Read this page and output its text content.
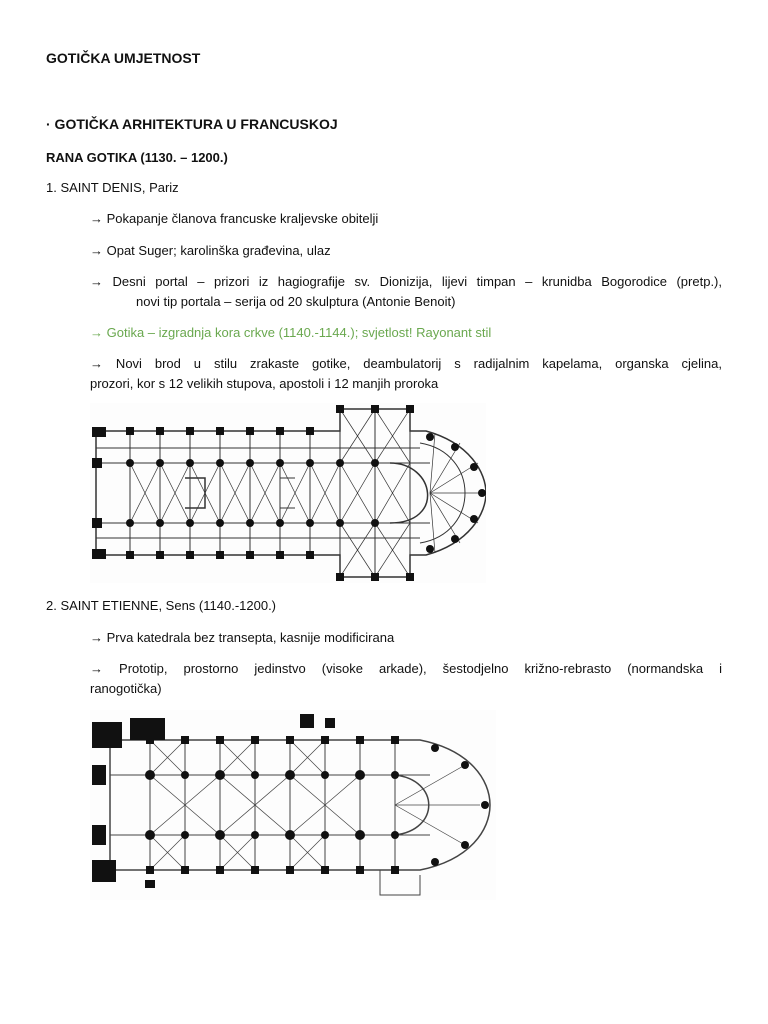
GOTIČKA UMJETNOST
· GOTIČKA ARHITEKTURA U FRANCUSKOJ
RANA GOTIKA (1130. – 1200.)
1. SAINT DENIS, Pariz
→ Pokapanje članova francuske kraljevske obitelji
→ Opat Suger; karolinška građevina, ulaz
→ Desni portal – prizori iz hagiografije sv. Dionizija, lijevi timpan – krunidba Bogorodice (pretp.),
novi tip portala – serija od 20 skulptura (Antonie Benoit)
→ Gotika – izgradnja kora crkve (1140.-1144.); svjetlost! Rayonant stil
→ Novi brod u stilu zrakaste gotike, deambulatorij s radijalnim kapelama, organska cjelina,
prozori, kor s 12 velikih stupova, apostoli i 12 manjih proroka
2. SAINT ETIENNE, Sens (1140.-1200.)
→ Prva katedrala bez transepta, kasnije modificirana
→ Prototip, prostorno jedinstvo (visoke arkade), šestodjelno križno-rebrasto (normandska i
ranogotička)
